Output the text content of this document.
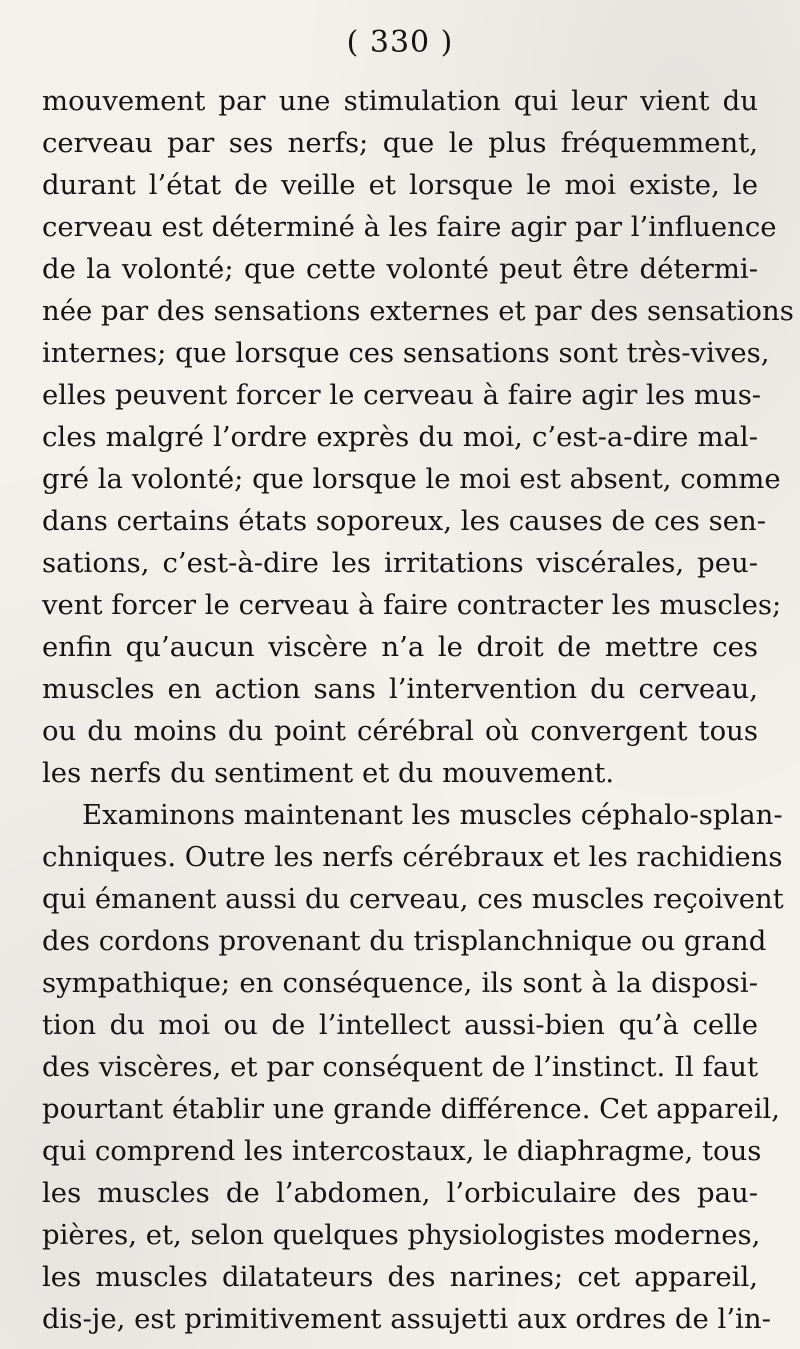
( 330 )
mouvement par une stimulation qui leur vient du
cerveau par ses nerfs; que le plus fréquemment,
durant l’état de veille et lorsque le moi existe, le
cerveau est déterminé à les faire agir par l’influence
de la volonté; que cette volonté peut être détermi-
née par des sensations externes et par des sensations
internes; que lorsque ces sensations sont très-vives,
elles peuvent forcer le cerveau à faire agir les mus-
cles malgré l’ordre exprès du moi, c’est-a-dire mal-
gré la volonté; que lorsque le moi est absent, comme
dans certains états soporeux, les causes de ces sen-
sations, c’est-à-dire les irritations viscérales, peu-
vent forcer le cerveau à faire contracter les muscles;
enfin qu’aucun viscère n’a le droit de mettre ces
muscles en action sans l’intervention du cerveau,
ou du moins du point cérébral où convergent tous
les nerfs du sentiment et du mouvement.
Examinons maintenant les muscles céphalo-splan-
chniques. Outre les nerfs cérébraux et les rachidiens
qui émanent aussi du cerveau, ces muscles reçoivent
des cordons provenant du trisplanchnique ou grand
sympathique; en conséquence, ils sont à la disposi-
tion du moi ou de l’intellect aussi-bien qu’à celle
des viscères, et par conséquent de l’instinct. Il faut
pourtant établir une grande différence. Cet appareil,
qui comprend les intercostaux, le diaphragme, tous
les muscles de l’abdomen, l’orbiculaire des pau-
pières, et, selon quelques physiologistes modernes,
les muscles dilatateurs des narines; cet appareil,
dis-je, est primitivement assujetti aux ordres de l’in-
